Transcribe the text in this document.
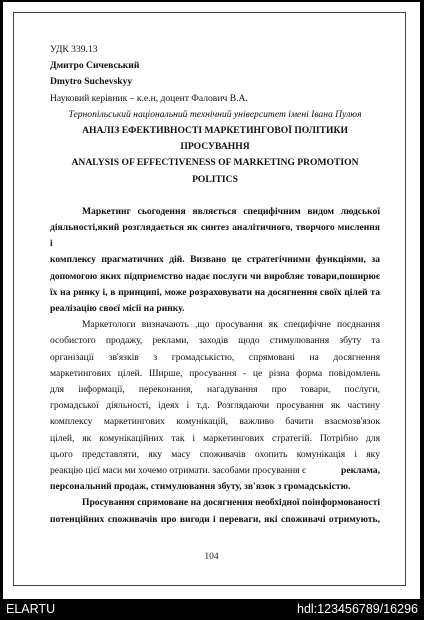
УДК 339.13
Дмитро Сичевський
Dmytro Suchevskyy
Науковий керівник – к.е.н, доцент Фалович В.А.
Тернопільський національний технічний університет імені Івана Пулюя
АНАЛІЗ ЕФЕКТИВНОСТІ МАРКЕТИНГОВОЇ ПОЛІТИКИ
ПРОСУВАННЯ
ANALYSIS OF EFFECTIVENESS OF MARKETING PROMOTION
POLITICS
Маркетинг сьогодення являється специфічним видом людської
діяльності,який розглядається як синтез аналітичного, творчого мислення і
комплексу прагматичних дій. Визвано це стратегічними функціями, за
допомогою яких підприємство надає послуги чи виробляє товари,поширює
їх на ринку і, в принципі, може розраховувати на досягнення своїх цілей та
реалізацію своєї місії на ринку.
Маркетологи визначають ,що просування як специфічне поєднання
особистого продажу, реклами, заходів щодо стимулювання збуту та
організації зв'язків з громадськістю, спрямовані на досягнення
маркетингових цілей. Ширше, просування - це різна форма повідомлень
для інформації, переконання, нагадування про товари, послуги,
громадської діяльності, ідеях і т.д. Розглядаючи просування як частину
комплексу маркетингових комунікацій, важливо бачити взаємозв'язок
цілей, як комунікаційних так і маркетингових стратегій. Потрібно для
цього представляти, яку масу споживачів охопить комунікація і яку
реакцію цієї маси ми хочемо отримати. засобами просування є	реклама,
персональний продаж, стимулювання збуту, зв'язок з громадськістю.
Просування спрямоване на досягнення необхідної поінформованості
потенційних споживачів про вигоди і переваги, які споживачі отримують,
104
ELARTU	hdl:123456789/16296
